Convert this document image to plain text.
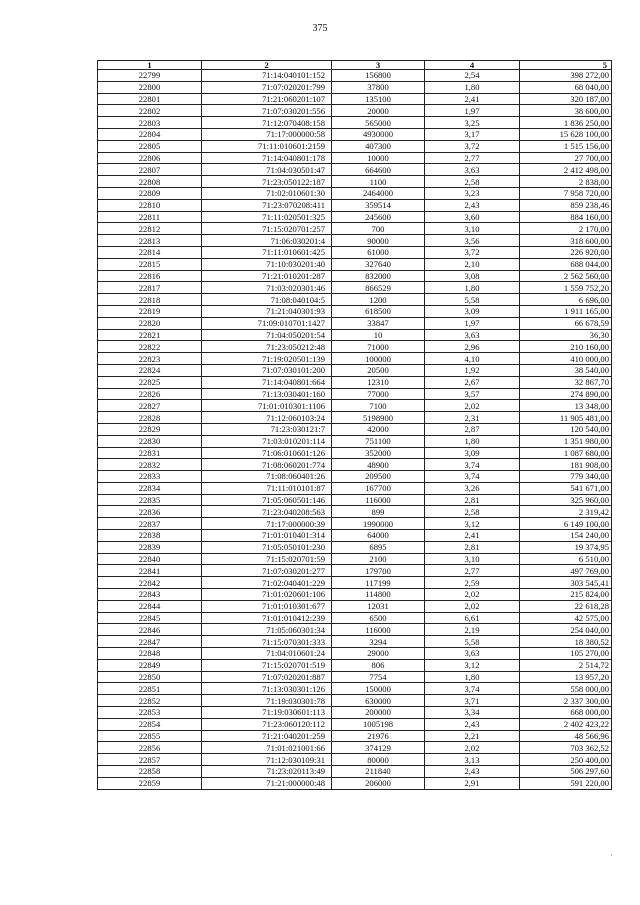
375
1	2	3	4	5
22799	71:14:040101:152	156800	2,54	398 272,00
22800	71:07:020201:799	37800	1,80	68 040,00
22801	71:21:060201:107	135100	2,41	320 187,00
22802	71:07:030201:556	20000	1,97	38 600,00
22803	71:12:070408:158	565000	3,25	1 836 250,00
22804	71:17:000000:58	4930000	3,17	15 628 100,00
22805	71:11:010601:2159	407300	3,72	1 515 156,00
22806	71:14:040801:178	10000	2,77	27 700,00
22807	71:04:030501:47	664600	3,63	2 412 498,00
22808	71:23:050122:187	1100	2,58	2 838,00
22809	71:02:010601:30	2464000	3,23	7 958 720,00
22810	71:23:070208:411	359514	2,43	859 238,46
22811	71:11:020501:325	245600	3,60	884 160,00
22812	71:15:020701:257	700	3,10	2 170,00
22813	71:06:030201:4	90000	3,56	318 600,00
22814	71:11:010601:425	61000	3,72	226 920,00
22815	71:10:030201:40	327640	2,10	688 044,00
22816	71:21:010201:287	832000	3,08	2 562 560,00
22817	71:03:020301:46	866529	1,80	1 559 752,20
22818	71:08:040104:5	1200	5,58	6 696,00
22819	71:21:040301:93	618500	3,09	1 911 165,00
22820	71:09:010701:1427	33847	1,97	66 678,59
22821	71:04:050201:54	10	3,63	36,30
22822	71:23:050212:48	71000	2,96	210 160,00
22823	71:19:020501:139	100000	4,10	410 000,00
22824	71:07:030101:200	20500	1,92	38 540,00
22825	71:14:040801:664	12310	2,67	32 867,70
22826	71:13:030401:160	77000	3,57	274 890,00
22827	71:01:010301:1106	7100	2,02	13 348,00
22828	71:12:060103:24	5198900	2,31	11 905 481,00
22829	71:23:030121:7	42000	2,87	120 540,00
22830	71:03:010201:114	751100	1,80	1 351 980,00
22831	71:06:010601:126	352000	3,09	1 087 680,00
22832	71:08:060201:774	48900	3,74	181 908,00
22833	71:08:060401:26	209500	3,74	779 340,00
22834	71:11:010101:87	167700	3,26	541 671,00
22835	71:05:060501:146	116000	2,81	325 960,00
22836	71:23:040208:563	899	2,58	2 319,42
22837	71:17:000000:39	1990000	3,12	6 149 100,00
22838	71:01:010401:314	64000	2,41	154 240,00
22839	71:05:050101:230	6895	2,81	19 374,95
22840	71:15:020701:59	2100	3,10	6 510,00
22841	71:07:030201:277	179700	2,77	497 769,00
22842	71:02:040401:229	117199	2,59	303 545,41
22843	71:01:020601:106	114800	2,02	215 824,00
22844	71:01:010301:677	12031	2,02	22 618,28
22845	71:01:010412:239	6500	6,61	42 575,00
22846	71:05:060301:34	116000	2,19	254 040,00
22847	71:15:070301:333	3294	5,58	18 380,52
22848	71:04:010601:24	29000	3,63	105 270,00
22849	71:15:020701:519	806	3,12	2 514,72
22850	71:07:020201:887	7754	1,80	13 957,20
22851	71:13:030301:126	150000	3,74	558 000,00
22852	71:19:030301:78	630000	3,71	2 337 300,00
22853	71:19:030601:113	200000	3,34	668 000,00
22854	71:23:060120:112	1005198	2,43	2 402 423,22
22855	71:21:040201:259	21976	2,21	48 566,96
22856	71:01:021001:66	374129	2,02	703 362,52
22857	71:12:030109:31	80000	3,13	250 400,00
22858	71:23:020113:49	211840	2,43	506 297,60
22859	71:21:000000:48	206000	2,91	591 220,00
·
